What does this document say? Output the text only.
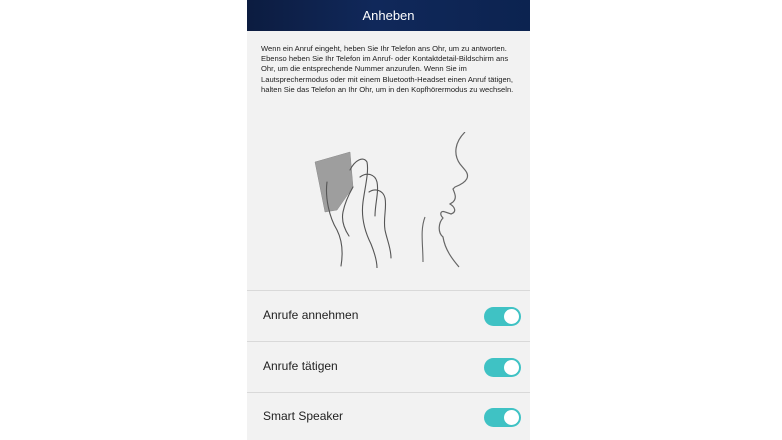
Anheben

Wenn ein Anruf eingeht, heben Sie Ihr Telefon ans Ohr, um zu antworten. Ebenso heben Sie Ihr Telefon im Anruf- oder Kontaktdetail-Bildschirm ans Ohr, um die entsprechende Nummer anzurufen. Wenn Sie im Lautsprechermodus oder mit einem Bluetooth-Headset einen Anruf tätigen, halten Sie das Telefon an Ihr Ohr, um in den Kopfhörermodus zu wechseln.

Anrufe annehmen
Anrufe tätigen
Smart Speaker
